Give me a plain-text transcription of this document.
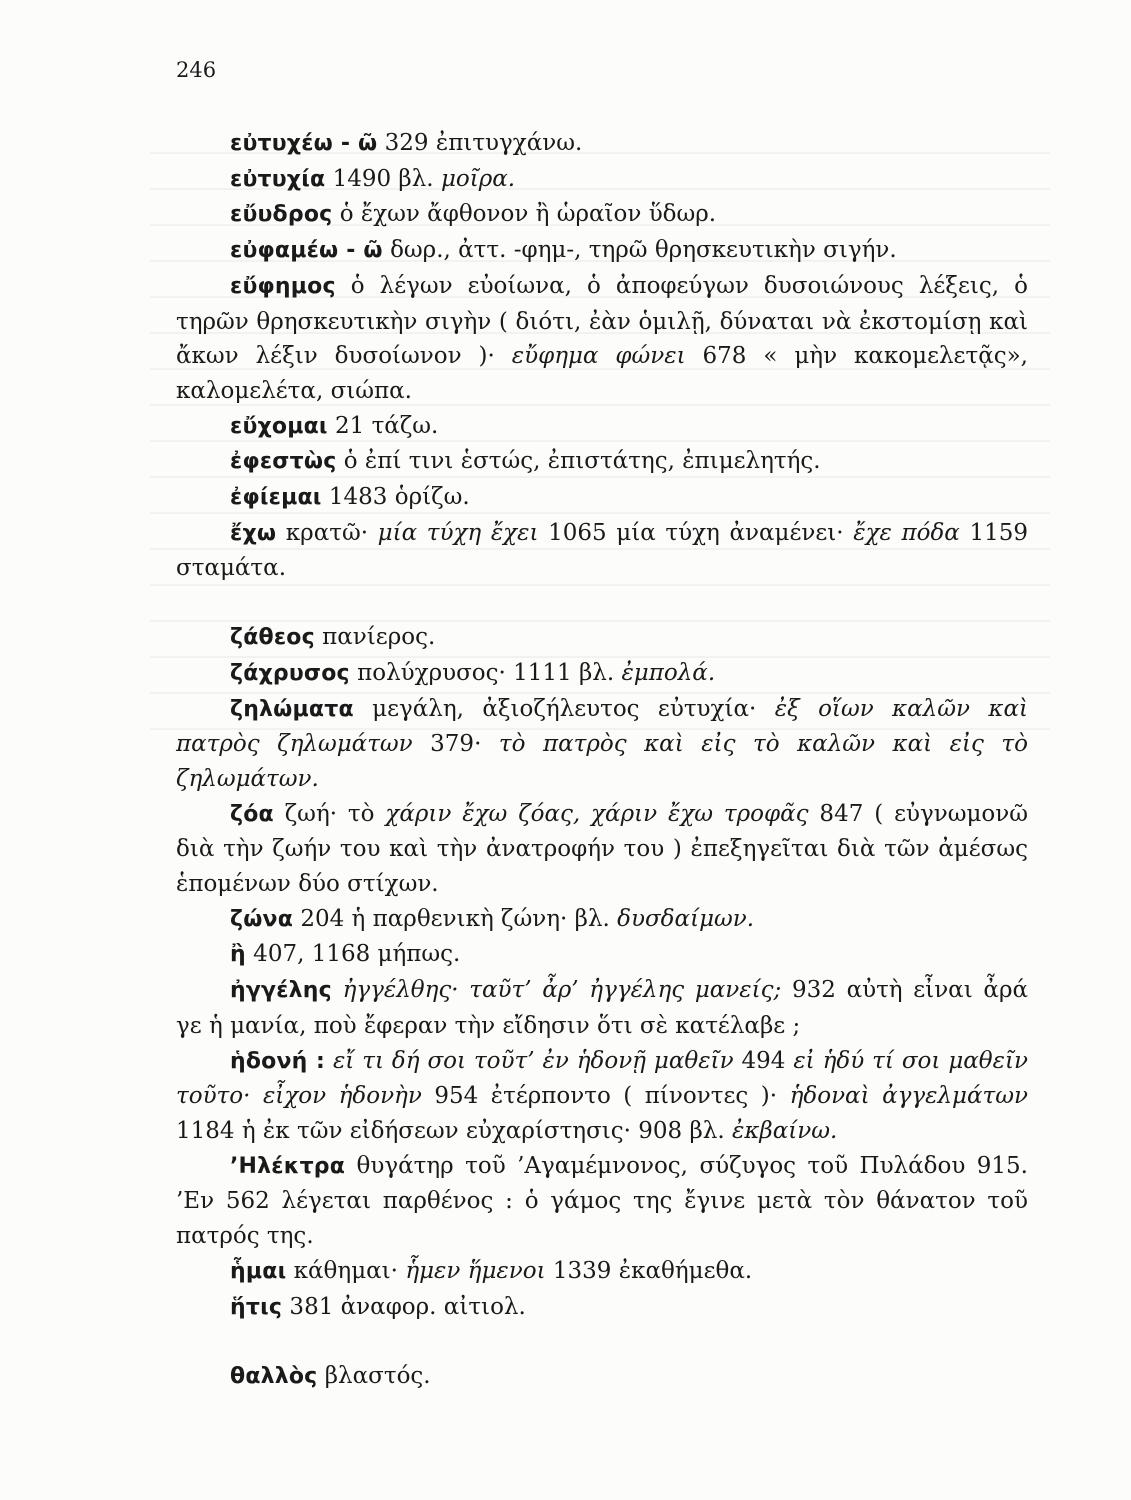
246

εὐτυχέω - ῶ 329 ἐπιτυγχάνω.

εὐτυχία 1490 βλ. μοῖρα.

εὔυδρος ὁ ἔχων ἄφθονον ἢ ὡραῖον ὕδωρ.

εὐφαμέω - ῶ δωρ., ἀττ. -φημ-, τηρῶ θρησκευτικὴν σιγήν.

εὔφημος ὁ λέγων εὐοίωνα, ὁ ἀποφεύγων δυσοιώνους λέξεις, ὁ τηρῶν θρησκευτικὴν σιγὴν ( διότι, ἐὰν ὁμιλῇ, δύναται νὰ ἐκστομίσῃ καὶ ἄκων λέξιν δυσοίωνον )· εὔφημα φώνει 678 « μὴν κακομελετᾷς», καλομελέτα, σιώπα.

εὔχομαι 21 τάζω.

ἐφεστὼς ὁ ἐπί τινι ἑστώς, ἐπιστάτης, ἐπιμελητής.

ἐφίεμαι 1483 ὁρίζω.

ἔχω κρατῶ· μία τύχη ἔχει 1065 μία τύχη ἀναμένει· ἔχε πόδα 1159 σταμάτα.

ζάθεος πανίερος.

ζάχρυσος πολύχρυσος· 1111 βλ. ἐμπολά.

ζηλώματα μεγάλη, ἀξιοζήλευτος εὐτυχία· ἐξ οἵων καλῶν καὶ πατρὸς ζηλωμάτων 379· τὸ πατρὸς καὶ εἰς τὸ καλῶν καὶ εἰς τὸ ζηλωμάτων.

ζόα ζωή· τὸ χάριν ἔχω ζόας, χάριν ἔχω τροφᾶς 847 ( εὐγνωμονῶ διὰ τὴν ζωήν του καὶ τὴν ἀνατροφήν του ) ἐπεξηγεῖται διὰ τῶν ἀμέσως ἑπομένων δύο στίχων.

ζώνα 204 ἡ παρθενικὴ ζώνη· βλ. δυσδαίμων.

ἢ 407, 1168 μήπως.

ἠγγέλης ἠγγέλθης· ταῦτ’ ἆρ’ ἠγγέλης μανείς; 932 αὐτὴ εἶναι ἆρά γε ἡ μανία, ποὺ ἔφεραν τὴν εἴδησιν ὅτι σὲ κατέλαβε ;

ἡδονή : εἴ τι δή σοι τοῦτ’ ἐν ἡδονῇ μαθεῖν 494 εἰ ἡδύ τί σοι μαθεῖν τοῦτο· εἶχον ἡδονὴν 954 ἐτέρποντο ( πίνοντες )· ἡδοναὶ ἀγγελμάτων 1184 ἡ ἐκ τῶν εἰδήσεων εὐχαρίστησις· 908 βλ. ἐκβαίνω.

’Ηλέκτρα θυγάτηρ τοῦ ’Αγαμέμνονος, σύζυγος τοῦ Πυλάδου 915. ’Εν 562 λέγεται παρθένος : ὁ γάμος της ἔγινε μετὰ τὸν θάνατον τοῦ πατρός της.

ἧμαι κάθημαι· ἧμεν ἥμενοι 1339 ἐκαθήμεθα.

ἥτις 381 ἀναφορ. αἰτιολ.

θαλλὸς βλαστός.
